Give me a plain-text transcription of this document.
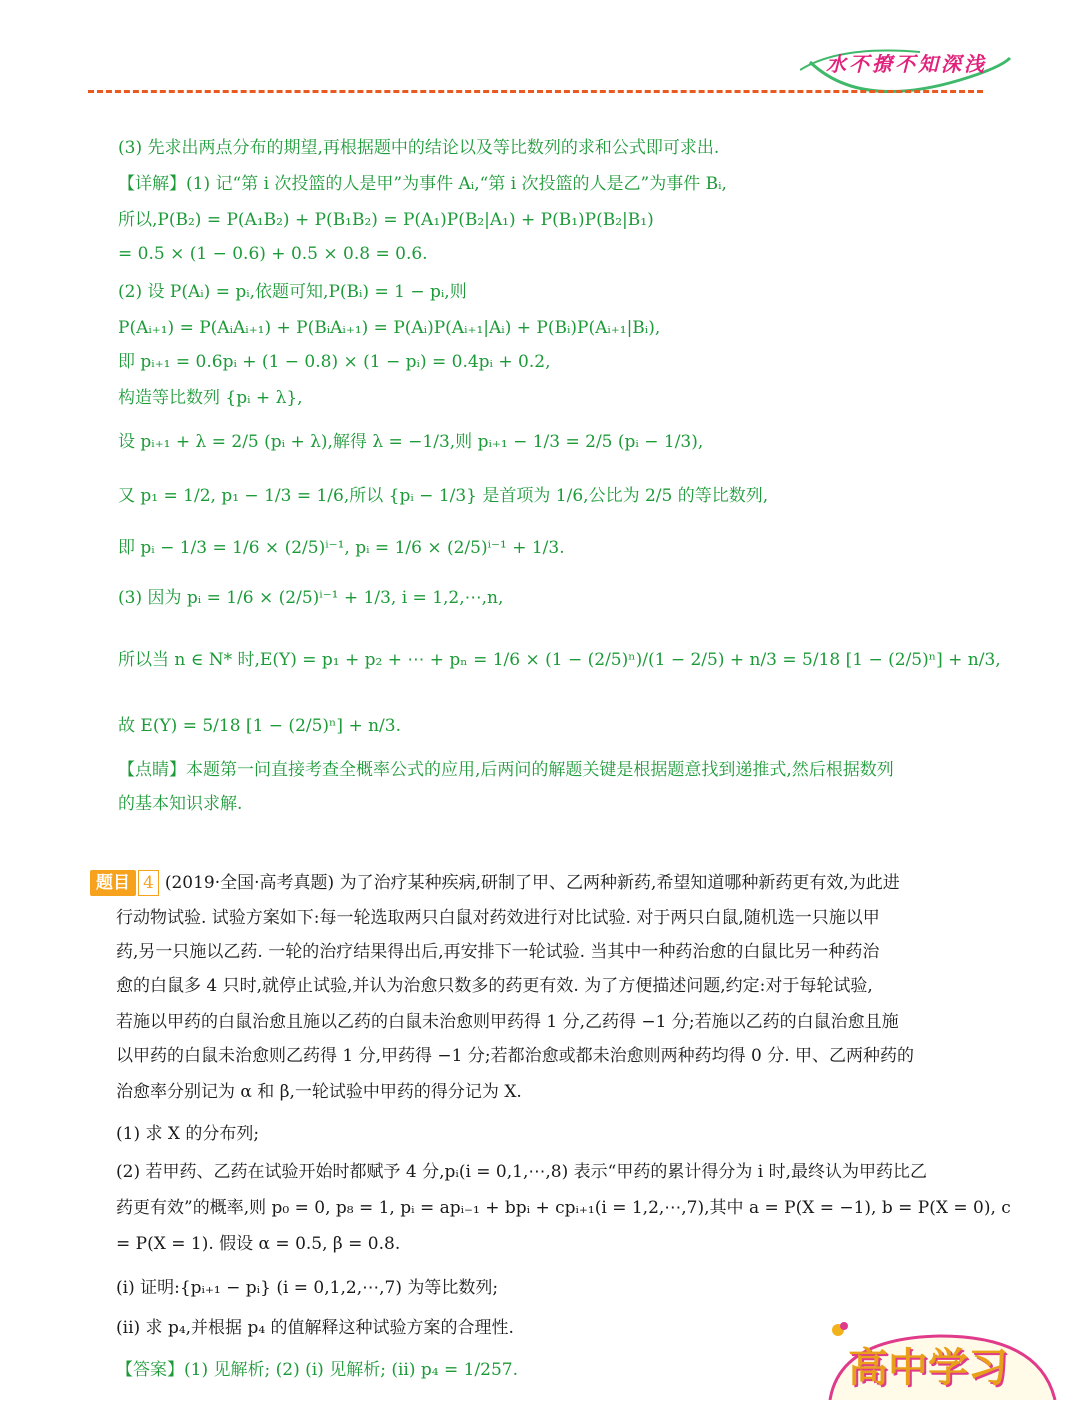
水不撩不知深浅
(3) 先求出两点分布的期望,再根据题中的结论以及等比数列的求和公式即可求出.
【详解】(1) 记“第 i 次投篮的人是甲”为事件 Aᵢ,“第 i 次投篮的人是乙”为事件 Bᵢ,
所以,P(B₂) = P(A₁B₂) + P(B₁B₂) = P(A₁)P(B₂|A₁) + P(B₁)P(B₂|B₁)
= 0.5 × (1 − 0.6) + 0.5 × 0.8 = 0.6.
(2) 设 P(Aᵢ) = pᵢ,依题可知,P(Bᵢ) = 1 − pᵢ,则
P(Aᵢ₊₁) = P(AᵢAᵢ₊₁) + P(BᵢAᵢ₊₁) = P(Aᵢ)P(Aᵢ₊₁|Aᵢ) + P(Bᵢ)P(Aᵢ₊₁|Bᵢ),
即 pᵢ₊₁ = 0.6pᵢ + (1 − 0.8) × (1 − pᵢ) = 0.4pᵢ + 0.2,
构造等比数列 {pᵢ + λ},
设 pᵢ₊₁ + λ = 2/5 (pᵢ + λ),解得 λ = −1/3,则 pᵢ₊₁ − 1/3 = 2/5 (pᵢ − 1/3),
又 p₁ = 1/2, p₁ − 1/3 = 1/6,所以 {pᵢ − 1/3} 是首项为 1/6,公比为 2/5 的等比数列,
即 pᵢ − 1/3 = 1/6 × (2/5)ⁱ⁻¹, pᵢ = 1/6 × (2/5)ⁱ⁻¹ + 1/3.
(3) 因为 pᵢ = 1/6 × (2/5)ⁱ⁻¹ + 1/3, i = 1,2,⋯,n,
所以当 n ∈ N* 时,E(Y) = p₁ + p₂ + ⋯ + pₙ = 1/6 × (1 − (2/5)ⁿ)/(1 − 2/5) + n/3 = 5/18 [1 − (2/5)ⁿ] + n/3,
故 E(Y) = 5/18 [1 − (2/5)ⁿ] + n/3.
【点睛】本题第一问直接考查全概率公式的应用,后两问的解题关键是根据题意找到递推式,然后根据数列
的基本知识求解.
题目 4 (2019·全国·高考真题) 为了治疗某种疾病,研制了甲、乙两种新药,希望知道哪种新药更有效,为此进
行动物试验. 试验方案如下:每一轮选取两只白鼠对药效进行对比试验. 对于两只白鼠,随机选一只施以甲
药,另一只施以乙药. 一轮的治疗结果得出后,再安排下一轮试验. 当其中一种药治愈的白鼠比另一种药治
愈的白鼠多 4 只时,就停止试验,并认为治愈只数多的药更有效. 为了方便描述问题,约定:对于每轮试验,
若施以甲药的白鼠治愈且施以乙药的白鼠未治愈则甲药得 1 分,乙药得 −1 分;若施以乙药的白鼠治愈且施
以甲药的白鼠未治愈则乙药得 1 分,甲药得 −1 分;若都治愈或都未治愈则两种药均得 0 分. 甲、乙两种药的
治愈率分别记为 α 和 β,一轮试验中甲药的得分记为 X.
(1) 求 X 的分布列;
(2) 若甲药、乙药在试验开始时都赋予 4 分,pᵢ(i = 0,1,⋯,8) 表示“甲药的累计得分为 i 时,最终认为甲药比乙
药更有效”的概率,则 p₀ = 0, p₈ = 1, pᵢ = apᵢ₋₁ + bpᵢ + cpᵢ₊₁(i = 1,2,⋯,7),其中 a = P(X = −1), b = P(X = 0), c
= P(X = 1). 假设 α = 0.5, β = 0.8.
(i) 证明:{pᵢ₊₁ − pᵢ} (i = 0,1,2,⋯,7) 为等比数列;
(ii) 求 p₄,并根据 p₄ 的值解释这种试验方案的合理性.
【答案】(1) 见解析; (2) (i) 见解析; (ii) p₄ = 1/257.	高中学习
